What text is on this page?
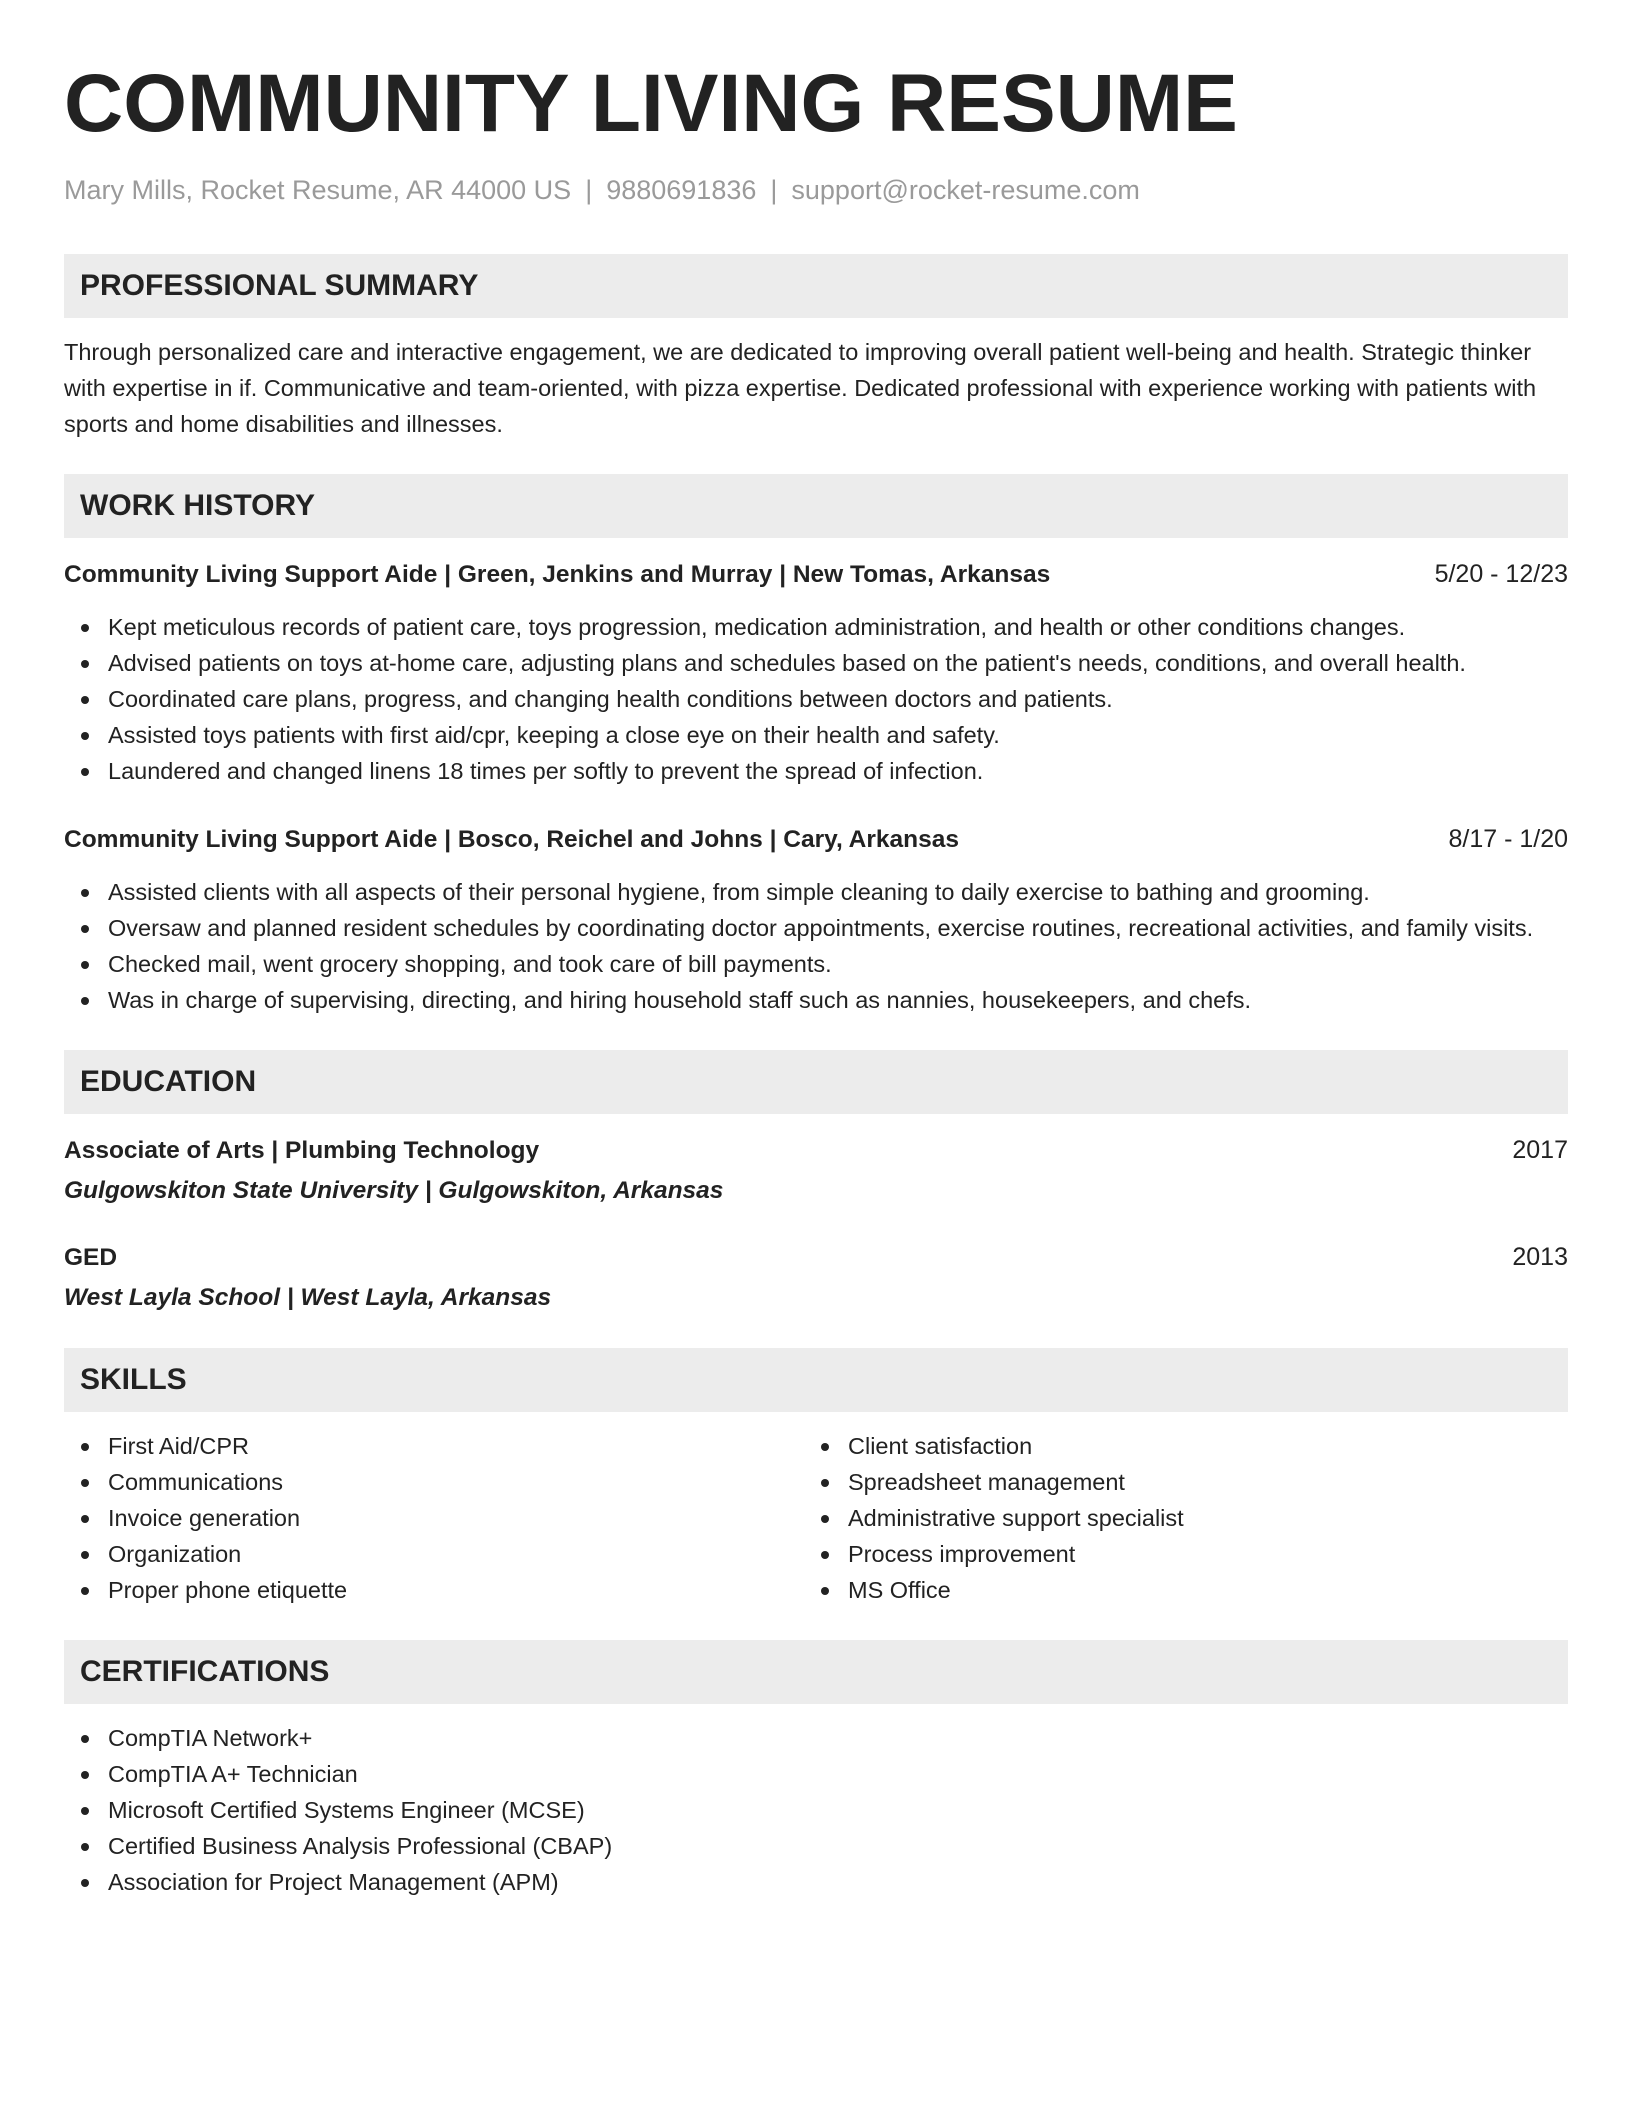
COMMUNITY LIVING RESUME
Mary Mills, Rocket Resume, AR 44000 US | 9880691836 | support@rocket-resume.com
PROFESSIONAL SUMMARY

Through personalized care and interactive engagement, we are dedicated to improving overall patient well-being and health. Strategic thinker with expertise in if. Communicative and team-oriented, with pizza expertise. Dedicated professional with experience working with patients with sports and home disabilities and illnesses.

WORK HISTORY
Community Living Support Aide | Green, Jenkins and Murray | New Tomas, Arkansas	5/20 - 12/23
Kept meticulous records of patient care, toys progression, medication administration, and health or other conditions changes.
Advised patients on toys at-home care, adjusting plans and schedules based on the patient's needs, conditions, and overall health.
Coordinated care plans, progress, and changing health conditions between doctors and patients.
Assisted toys patients with first aid/cpr, keeping a close eye on their health and safety.
Laundered and changed linens 18 times per softly to prevent the spread of infection.
Community Living Support Aide | Bosco, Reichel and Johns | Cary, Arkansas	8/17 - 1/20
Assisted clients with all aspects of their personal hygiene, from simple cleaning to daily exercise to bathing and grooming.
Oversaw and planned resident schedules by coordinating doctor appointments, exercise routines, recreational activities, and family visits.
Checked mail, went grocery shopping, and took care of bill payments.
Was in charge of supervising, directing, and hiring household staff such as nannies, housekeepers, and chefs.
EDUCATION
Associate of Arts | Plumbing Technology	2017
Gulgowskiton State University | Gulgowskiton, Arkansas
GED	2013
West Layla School | West Layla, Arkansas
SKILLS
First Aid/CPR
Communications
Invoice generation
Organization
Proper phone etiquette
Client satisfaction
Spreadsheet management
Administrative support specialist
Process improvement
MS Office
CERTIFICATIONS
CompTIA Network+
CompTIA A+ Technician
Microsoft Certified Systems Engineer (MCSE)
Certified Business Analysis Professional (CBAP)
Association for Project Management (APM)
